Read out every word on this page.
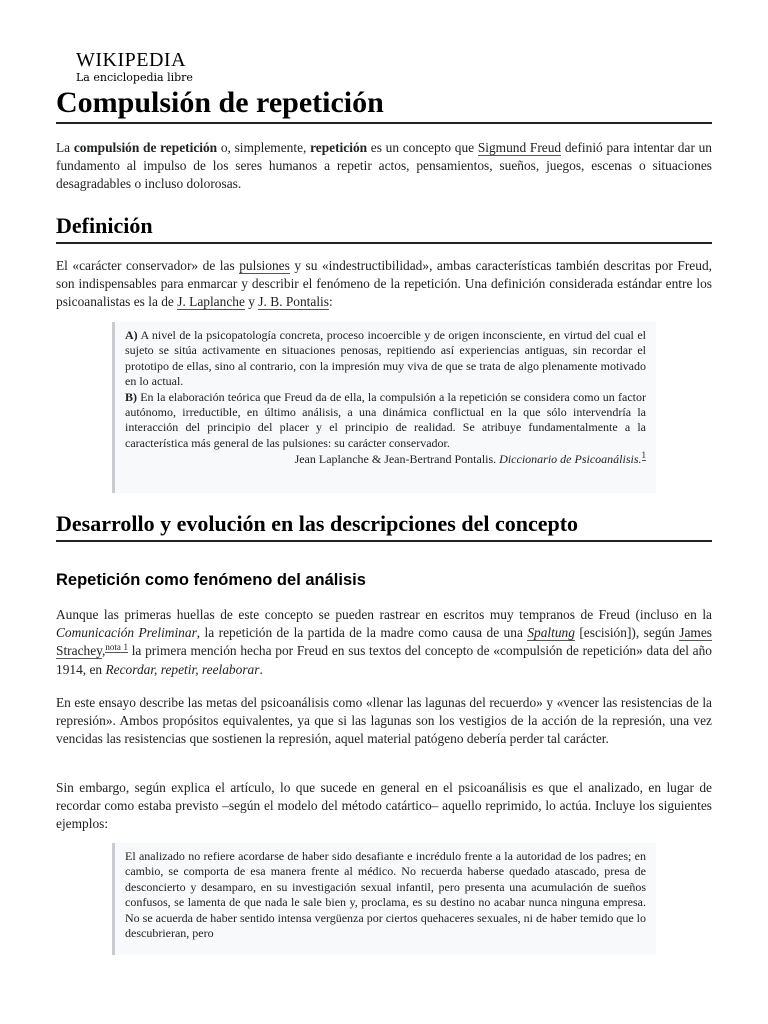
WIKIPEDIA
La enciclopedia libre
Compulsión de repetición
La compulsión de repetición o, simplemente, repetición es un concepto que Sigmund Freud definió para intentar dar un fundamento al impulso de los seres humanos a repetir actos, pensamientos, sueños, juegos, escenas o situaciones desagradables o incluso dolorosas.
Definición
El «carácter conservador» de las pulsiones y su «indestructibilidad», ambas características también descritas por Freud, son indispensables para enmarcar y describir el fenómeno de la repetición. Una definición considerada estándar entre los psicoanalistas es la de J. Laplanche y J. B. Pontalis:

A) A nivel de la psicopatología concreta, proceso incoercible y de origen inconsciente, en virtud del cual el sujeto se sitúa activamente en situaciones penosas, repitiendo así experiencias antiguas, sin recordar el prototipo de ellas, sino al contrario, con la impresión muy viva de que se trata de algo plenamente motivado en lo actual.

B) En la elaboración teórica que Freud da de ella, la compulsión a la repetición se considera como un factor autónomo, irreductible, en último análisis, a una dinámica conflictual en la que sólo intervendría la interacción del principio del placer y el principio de realidad. Se atribuye fundamentalmente a la característica más general de las pulsiones: su carácter conservador.

Jean Laplanche & Jean-Bertrand Pontalis. Diccionario de Psicoanálisis.$^1$

Desarrollo y evolución en las descripciones del concepto
Repetición como fenómeno del análisis
Aunque las primeras huellas de este concepto se pueden rastrear en escritos muy tempranos de Freud (incluso en la Comunicación Preliminar, la repetición de la partida de la madre como causa de una Spaltung [escisión]), según James Strachey,$^{nota 1}$ la primera mención hecha por Freud en sus textos del concepto de «compulsión de repetición» data del año 1914, en Recordar, repetir, reelaborar.
En este ensayo describe las metas del psicoanálisis como «llenar las lagunas del recuerdo» y «vencer las resistencias de la represión». Ambos propósitos equivalentes, ya que si las lagunas son los vestigios de la acción de la represión, una vez vencidas las resistencias que sostienen la represión, aquel material patógeno debería perder tal carácter.
Sin embargo, según explica el artículo, lo que sucede en general en el psicoanálisis es que el analizado, en lugar de recordar como estaba previsto –según el modelo del método catártico– aquello reprimido, lo actúa. Incluye los siguientes ejemplos:

El analizado no refiere acordarse de haber sido desafiante e incrédulo frente a la autoridad de los padres; en cambio, se comporta de esa manera frente al médico. No recuerda haberse quedado atascado, presa de desconcierto y desamparo, en su investigación sexual infantil, pero presenta una acumulación de sueños confusos, se lamenta de que nada le sale bien y, proclama, es su destino no acabar nunca ninguna empresa. No se acuerda de haber sentido intensa vergüenza por ciertos quehaceres sexuales, ni de haber temido que lo descubrieran, pero
